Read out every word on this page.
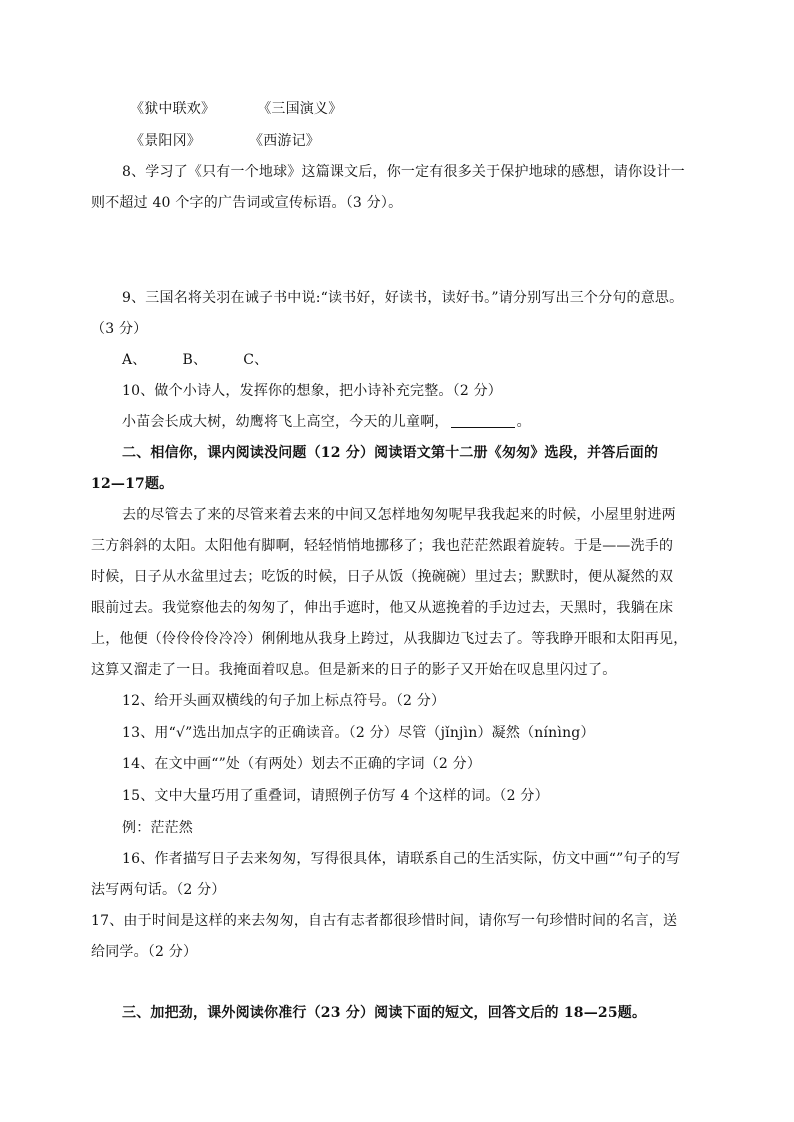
《狱中联欢》	《三国演义》
《景阳冈》	《西游记》
8、学习了《只有一个地球》这篇课文后，你一定有很多关于保护地球的感想，请你设计一
则不超过 40 个字的广告词或宣传标语。（3 分）。
9、三国名将关羽在诫子书中说:“读书好，好读书，读好书。”请分别写出三个分句的意思。
（3 分）
A、	B、	C、
10、做个小诗人，发挥你的想象，把小诗补充完整。（2 分）
小苗会长成大树，幼鹰将飞上高空，今天的儿童啊，	。
二、相信你，课内阅读没问题（12 分）阅读语文第十二册《匆匆》选段，并答后面的
12—17题。
去的尽管去了来的尽管来着去来的中间又怎样地匆匆呢早我我起来的时候，小屋里射进两
三方斜斜的太阳。太阳他有脚啊，轻轻悄悄地挪移了；我也茫茫然跟着旋转。于是——洗手的
时候，日子从水盆里过去；吃饭的时候，日子从饭（挽碗碗）里过去；默默时，便从凝然的双
眼前过去。我觉察他去的匆匆了，伸出手遮时，他又从遮挽着的手边过去，天黑时，我躺在床
上，他便（伶伶伶伶冷冷）俐俐地从我身上跨过，从我脚边飞过去了。等我睁开眼和太阳再见，
这算又溜走了一日。我掩面着叹息。但是新来的日子的影子又开始在叹息里闪过了。
12、给开头画双横线的句子加上标点符号。（2 分）
13、用“√”选出加点字的正确读音。（2 分）尽管（jǐnjìn）凝然（nínìng）
14、在文中画“”处（有两处）划去不正确的字词（2 分）
15、文中大量巧用了重叠词，请照例子仿写 4 个这样的词。（2 分）
例：茫茫然
16、作者描写日子去来匆匆，写得很具体，请联系自己的生活实际，仿文中画“”句子的写
法写两句话。（2 分）
17、由于时间是这样的来去匆匆，自古有志者都很珍惜时间，请你写一句珍惜时间的名言，送
给同学。（2 分）
三、加把劲，课外阅读你准行（23 分）阅读下面的短文，回答文后的 18—25题。
